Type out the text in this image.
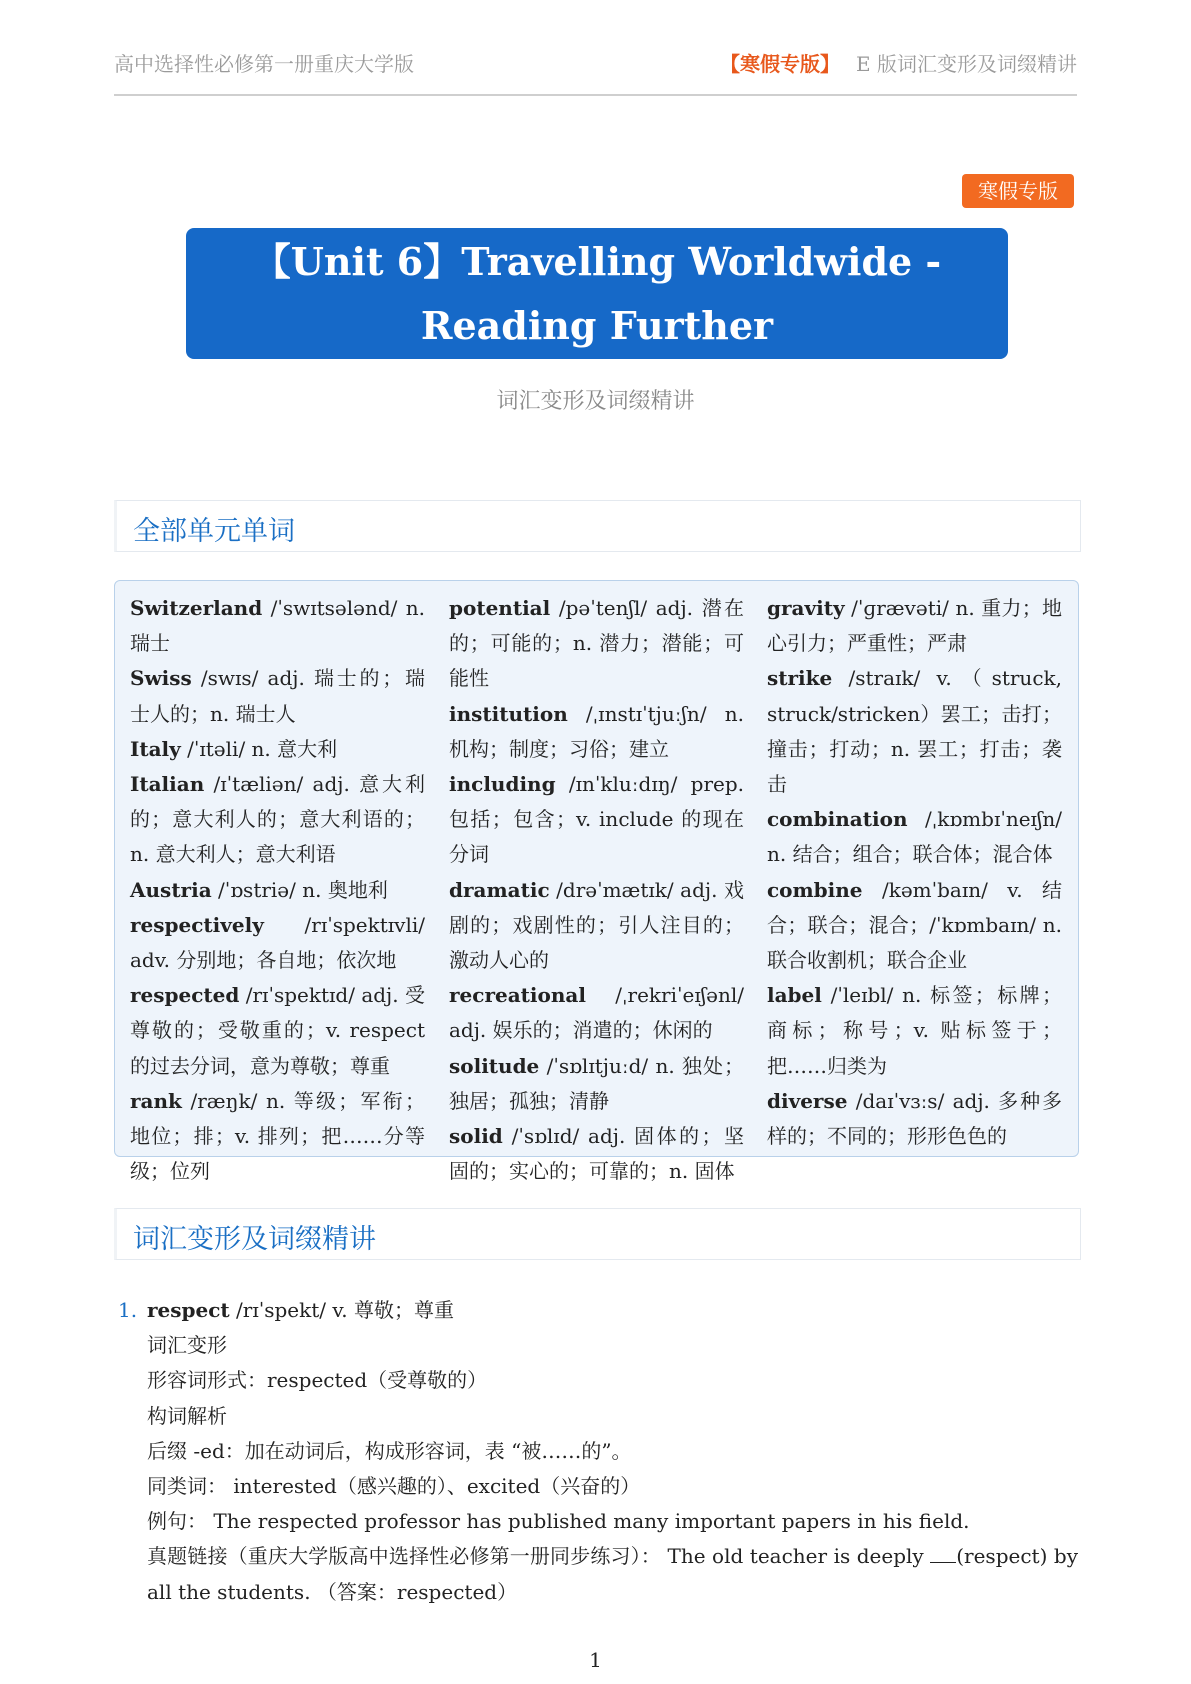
高中选择性必修第一册重庆大学版	【寒假专版】 E 版词汇变形及词缀精讲
寒假专版
【Unit 6】Travelling Worldwide - Reading Further
词汇变形及词缀精讲
全部单元单词
Switzerland /ˈswɪtsələnd/ n. 瑞士
Swiss /swɪs/ adj. 瑞士的；瑞士人的；n. 瑞士人
Italy /ˈɪtəli/ n. 意大利
Italian /ɪˈtæliən/ adj. 意大利的；意大利人的；意大利语的；n. 意大利人；意大利语
Austria /ˈɒstriə/ n. 奥地利
respectively /rɪˈspektɪvli/ adv. 分别地；各自地；依次地
respected /rɪˈspektɪd/ adj. 受尊敬的；受敬重的；v. respect 的过去分词，意为尊敬；尊重
rank /ræŋk/ n. 等级；军衔；地位；排；v. 排列；把……分等级；位列
potential /pəˈtenʃl/ adj. 潜在的；可能的；n. 潜力；潜能；可能性
institution /ˌɪnstɪˈtjuːʃn/ n. 机构；制度；习俗；建立
including /ɪnˈkluːdɪŋ/ prep. 包括；包含；v. include 的现在分词
dramatic /drəˈmætɪk/ adj. 戏剧的；戏剧性的；引人注目的；激动人心的
recreational /ˌrekriˈeɪʃənl/ adj. 娱乐的；消遣的；休闲的
solitude /ˈsɒlɪtjuːd/ n. 独处；独居；孤独；清静
solid /ˈsɒlɪd/ adj. 固体的；坚固的；实心的；可靠的；n. 固体
gravity /ˈɡrævəti/ n. 重力；地心引力；严重性；严肃
strike /straɪk/ v.（struck, struck/stricken）罢工；击打；撞击；打动；n. 罢工；打击；袭击
combination /ˌkɒmbɪˈneɪʃn/ n. 结合；组合；联合体；混合体
combine /kəmˈbaɪn/ v. 结合；联合；混合；/ˈkɒmbaɪn/ n. 联合收割机；联合企业
label /ˈleɪbl/ n. 标签；标牌；商标；称号；v. 贴标签于；把……归类为
diverse /daɪˈvɜːs/ adj. 多种多样的；不同的；形形色色的
词汇变形及词缀精讲
1. respect /rɪˈspekt/ v. 尊敬；尊重
词汇变形
形容词形式：respected（受尊敬的）
构词解析
后缀 -ed：加在动词后，构成形容词，表 “被……的”。
同类词： interested（感兴趣的）、excited（兴奋的）
例句： The respected professor has published many important papers in his field.
真题链接（重庆大学版高中选择性必修第一册同步练习）： The old teacher is deeply (respect) by all the students. （答案：respected）
1
